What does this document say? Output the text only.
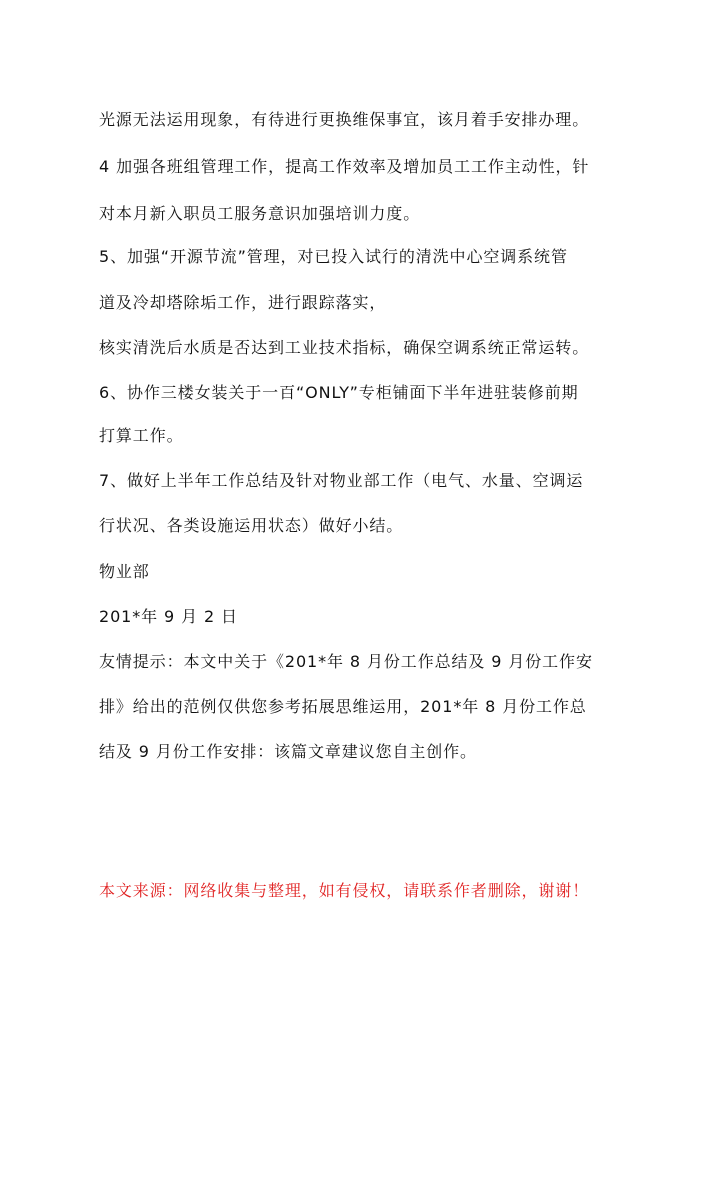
光源无法运用现象，有待进行更换维保事宜，该月着手安排办理。
4 加强各班组管理工作，提高工作效率及增加员工工作主动性，针
对本月新入职员工服务意识加强培训力度。
5、加强“开源节流”管理，对已投入试行的清洗中心空调系统管
道及冷却塔除垢工作，进行跟踪落实，
核实清洗后水质是否达到工业技术指标，确保空调系统正常运转。
6、协作三楼女装关于一百“ONLY”专柜铺面下半年进驻装修前期
打算工作。
7、做好上半年工作总结及针对物业部工作（电气、水量、空调运
行状况、各类设施运用状态）做好小结。
物业部
201*年 9 月 2 日
友情提示：本文中关于《201*年 8 月份工作总结及 9 月份工作安
排》给出的范例仅供您参考拓展思维运用，201*年 8 月份工作总
结及 9 月份工作安排：该篇文章建议您自主创作。
本文来源：网络收集与整理，如有侵权，请联系作者删除，谢谢！
